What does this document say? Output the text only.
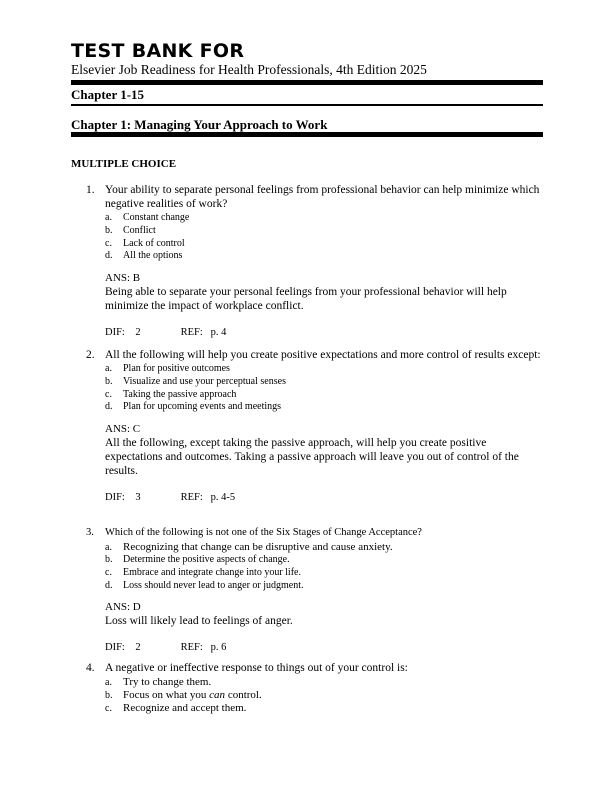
TEST BANK FOR
Elsevier Job Readiness for Health Professionals, 4th Edition 2025
Chapter 1-15
Chapter 1: Managing Your Approach to Work
MULTIPLE CHOICE
1. Your ability to separate personal feelings from professional behavior can help minimize which negative realities of work?
a. Constant change
b. Conflict
c. Lack of control
d. All the options
ANS: B
Being able to separate your personal feelings from your professional behavior will help minimize the impact of workplace conflict.
DIF:    2	REF:   p. 4
2. All the following will help you create positive expectations and more control of results except:
a. Plan for positive outcomes
b. Visualize and use your perceptual senses
c. Taking the passive approach
d. Plan for upcoming events and meetings
ANS: C
All the following, except taking the passive approach, will help you create positive expectations and outcomes. Taking a passive approach will leave you out of control of the results.
DIF:    3	REF:   p. 4-5
3. Which of the following is not one of the Six Stages of Change Acceptance?
a. Recognizing that change can be disruptive and cause anxiety.
b. Determine the positive aspects of change.
c. Embrace and integrate change into your life.
d. Loss should never lead to anger or judgment.
ANS: D
Loss will likely lead to feelings of anger.
DIF:    2	REF:   p. 6
4. A negative or ineffective response to things out of your control is:
a. Try to change them.
b. Focus on what you can control.
c. Recognize and accept them.
